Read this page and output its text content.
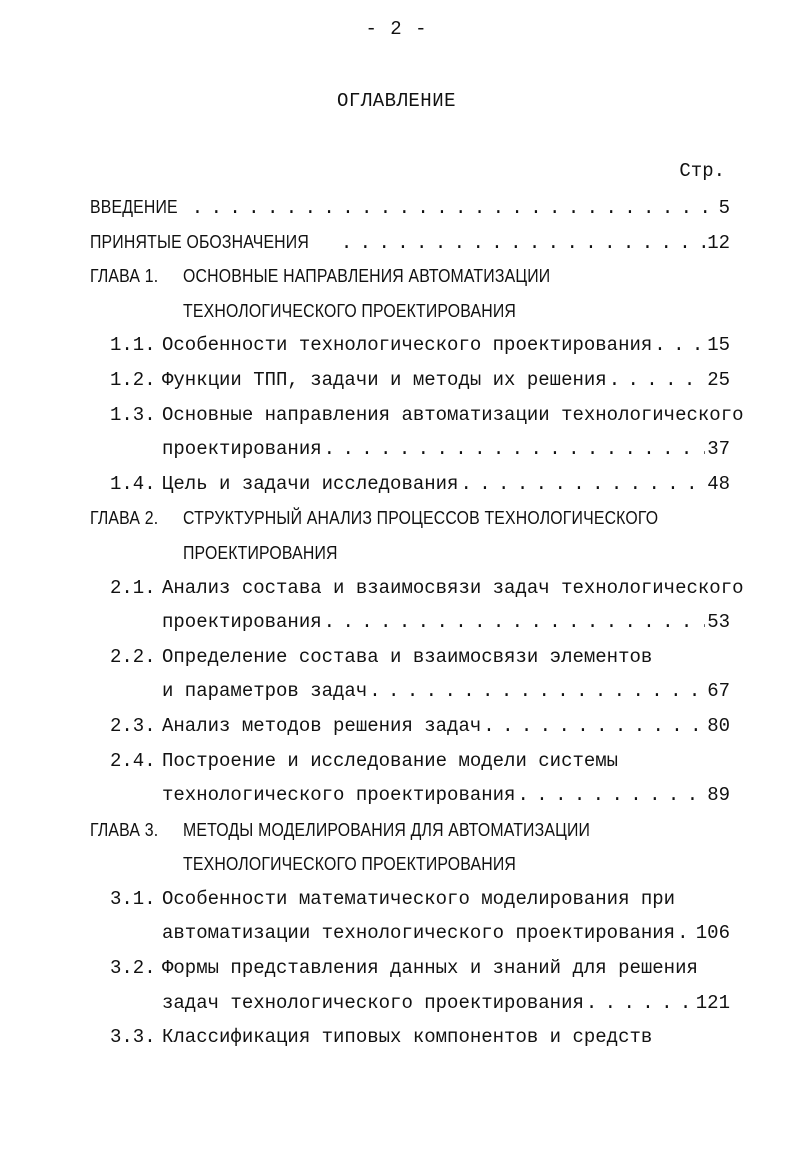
- 2 -
ОГЛАВЛЕНИЕ
Стр.
ВВЕДЕНИЕ . . .	5
ПРИНЯТЫЕ ОБОЗНАЧЕНИЯ . . .	12
ГЛАВА 1.	ОСНОВНЫЕ НАПРАВЛЕНИЯ АВТОМАТИЗАЦИИ
ТЕХНОЛОГИЧЕСКОГО ПРОЕКТИРОВАНИЯ
1.1. Особенности технологического проектирования . . .	15
1.2. Функции ТПП, задачи и методы их решения . . .	25
1.3. Основные направления автоматизации технологического
проектирования . . .	37
1.4. Цель и задачи исследования . . .	48
ГЛАВА 2.	СТРУКТУРНЫЙ АНАЛИЗ ПРОЦЕССОВ ТЕХНОЛОГИЧЕСКОГО
ПРОЕКТИРОВАНИЯ
2.1. Анализ состава и взаимосвязи задач технологического
проектирования . . .	53
2.2. Определение состава и взаимосвязи элементов
и параметров задач . . .	67
2.3. Анализ методов решения задач . . .	80
2.4. Построение и исследование модели системы
технологического проектирования . . .	89
ГЛАВА 3.	МЕТОДЫ МОДЕЛИРОВАНИЯ ДЛЯ АВТОМАТИЗАЦИИ
ТЕХНОЛОГИЧЕСКОГО ПРОЕКТИРОВАНИЯ
3.1. Особенности математического моделирования при
автоматизации технологического проектирования . . . 106
3.2. Формы представления данных и знаний для решения
задач технологического проектирования . . .	121
3.3. Классификация типовых компонентов и средств
